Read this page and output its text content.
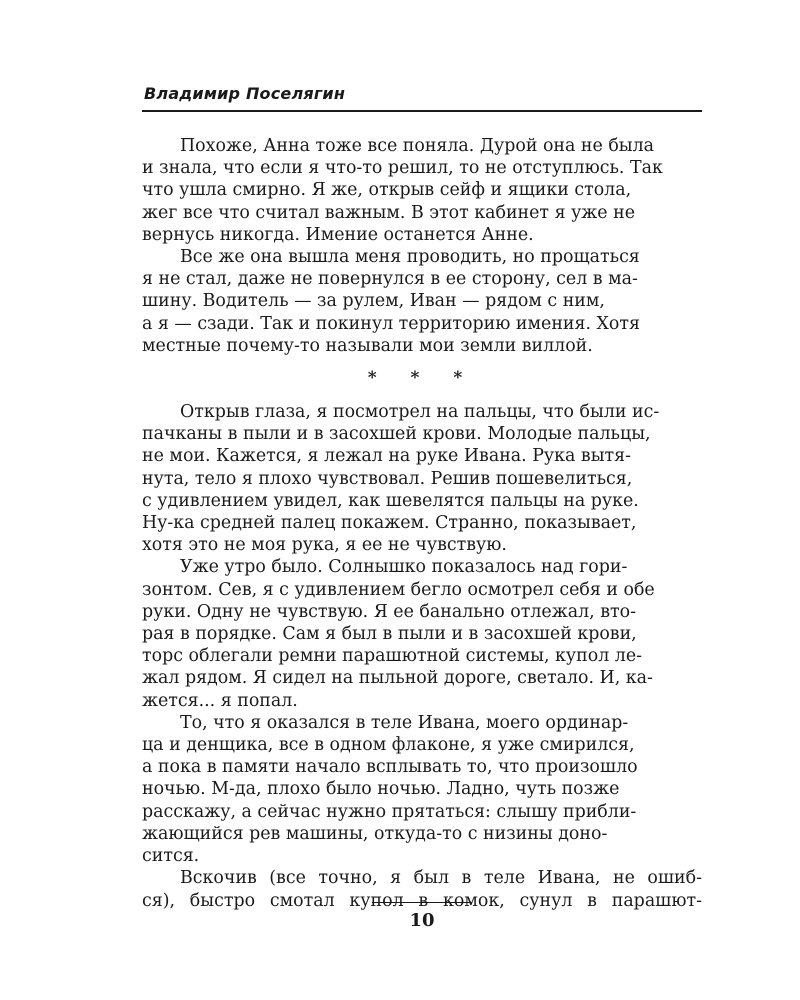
Владимир Поселягин
Похоже, Анна тоже все поняла. Дурой она не была
и знала, что если я что-то решил, то не отступлюсь. Так
что ушла смирно. Я же, открыв сейф и ящики стола,
жег все что считал важным. В этот кабинет я уже не
вернусь никогда. Имение останется Анне.
Все же она вышла меня проводить, но прощаться
я не стал, даже не повернулся в ее сторону, сел в ма-
шину. Водитель — за рулем, Иван — рядом с ним,
а я — сзади. Так и покинул территорию имения. Хотя
местные почему-то называли мои земли виллой.
* * *
Открыв глаза, я посмотрел на пальцы, что были ис-
пачканы в пыли и в засохшей крови. Молодые пальцы,
не мои. Кажется, я лежал на руке Ивана. Рука вытя-
нута, тело я плохо чувствовал. Решив пошевелиться,
с удивлением увидел, как шевелятся пальцы на руке.
Ну-ка средней палец покажем. Странно, показывает,
хотя это не моя рука, я ее не чувствую.
Уже утро было. Солнышко показалось над гори-
зонтом. Сев, я с удивлением бегло осмотрел себя и обе
руки. Одну не чувствую. Я ее банально отлежал, вто-
рая в порядке. Сам я был в пыли и в засохшей крови,
торс облегали ремни парашютной системы, купол ле-
жал рядом. Я сидел на пыльной дороге, светало. И, ка-
жется... я попал.
То, что я оказался в теле Ивана, моего ординар-
ца и денщика, все в одном флаконе, я уже смирился,
а пока в памяти начало всплывать то, что произошло
ночью. М-да, плохо было ночью. Ладно, чуть позже
расскажу, а сейчас нужно прятаться: слышу прибли-
жающийся рев машины, откуда-то с низины доно-
сится.
Вскочив (все точно, я был в теле Ивана, не ошиб-
ся), быстро смотал купол в комок, сунул в парашют-
10
